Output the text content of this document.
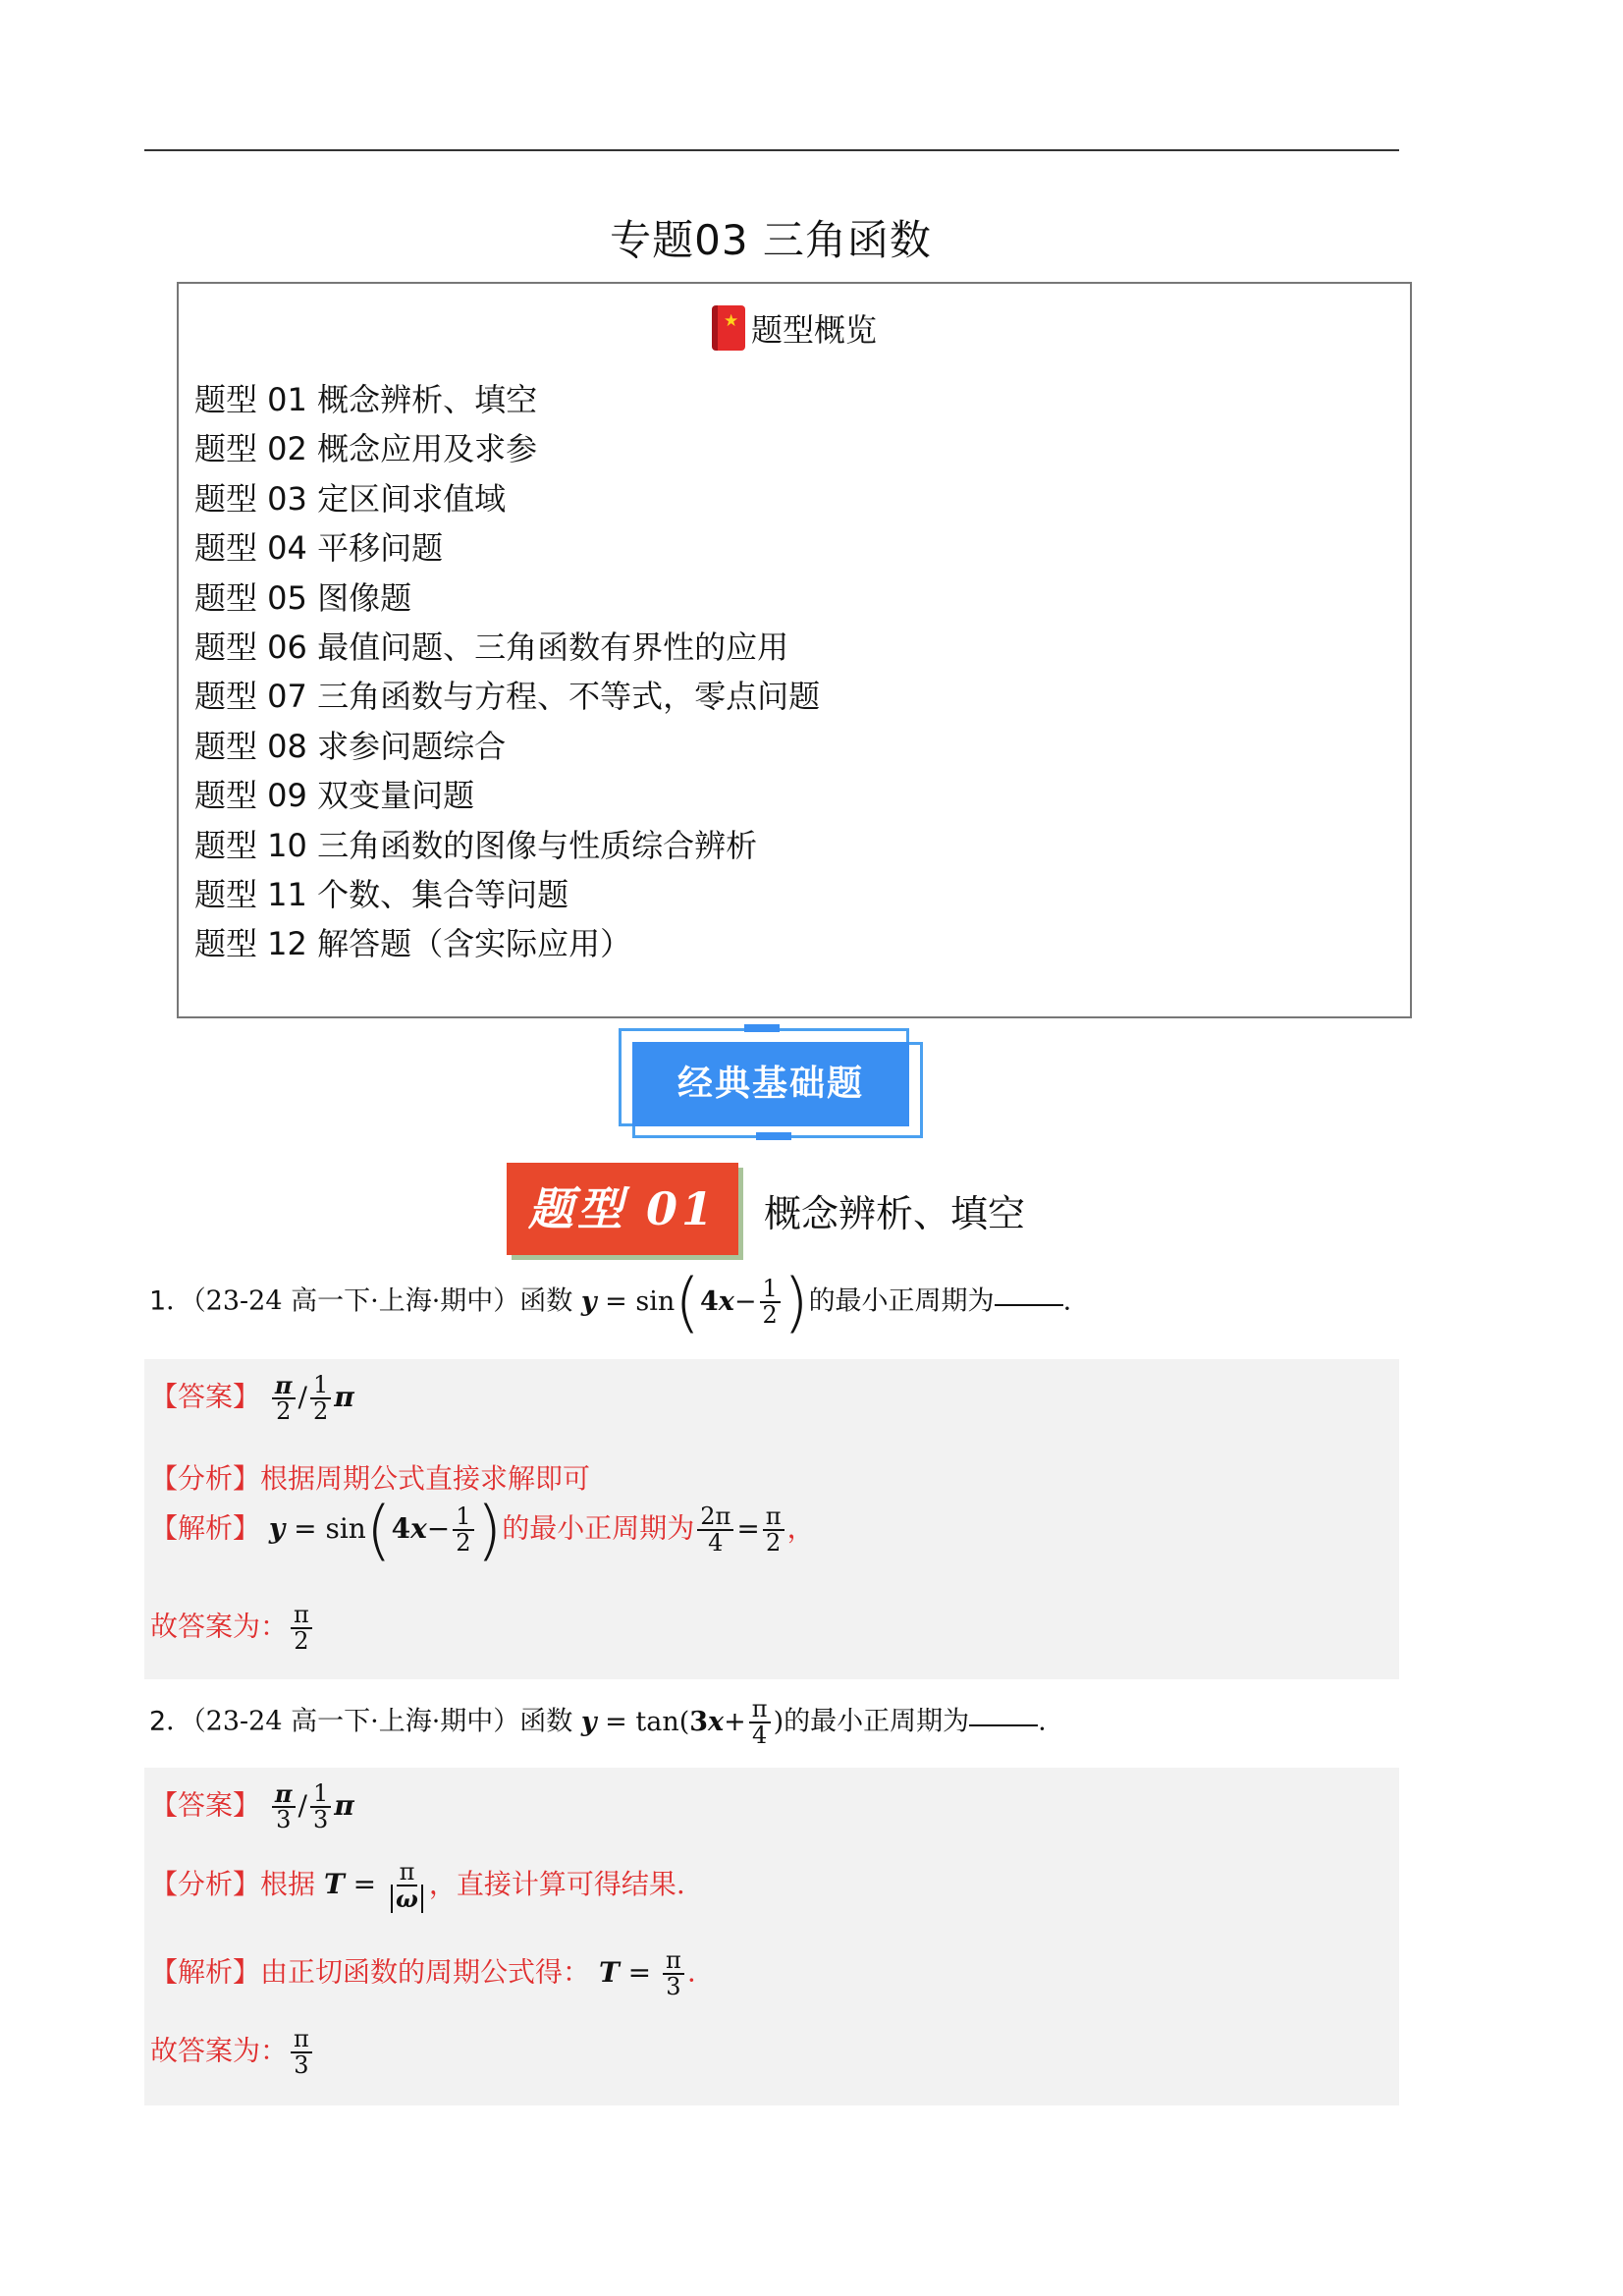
专题03 三角函数
★题型概览
题型 01 概念辨析、填空
题型 02 概念应用及求参
题型 03 定区间求值域
题型 04 平移问题
题型 05 图像题
题型 06 最值问题、三角函数有界性的应用
题型 07 三角函数与方程、不等式，零点问题
题型 08 求参问题综合
题型 09 双变量问题
题型 10 三角函数的图像与性质综合辨析
题型 11 个数、集合等问题
题型 12 解答题（含实际应用）
经典基础题
题型 01	概念辨析、填空
1．（23-24 高一下·上海·期中）函数 $y = \sin(4x- \frac{1}{2}$ )的最小正周期为	.
【答案】 $\frac{\pi}{2} / \frac{1}{2}$ π
【分析】根据周期公式直接求解即可
【解析】 $y = \sin(4x- \frac{1}{2}$ )的最小正周期为 $\frac{2\pi}{4} = \frac{\pi}{2}$ ，
故答案为： $\frac{\pi}{2}$
2．（23-24 高一下·上海·期中）函数 $y = \tan(3x+ \frac{\pi}{4}$ )的最小正周期为	.
【答案】 $\frac{\pi}{3} / \frac{1}{3}$ π
【分析】根据 $T = \frac{\pi}{\omega}$ ，直接计算可得结果.
【解析】由正切函数的周期公式得： $T = \frac{\pi}{3}$ .
故答案为： $\frac{\pi}{3}$
